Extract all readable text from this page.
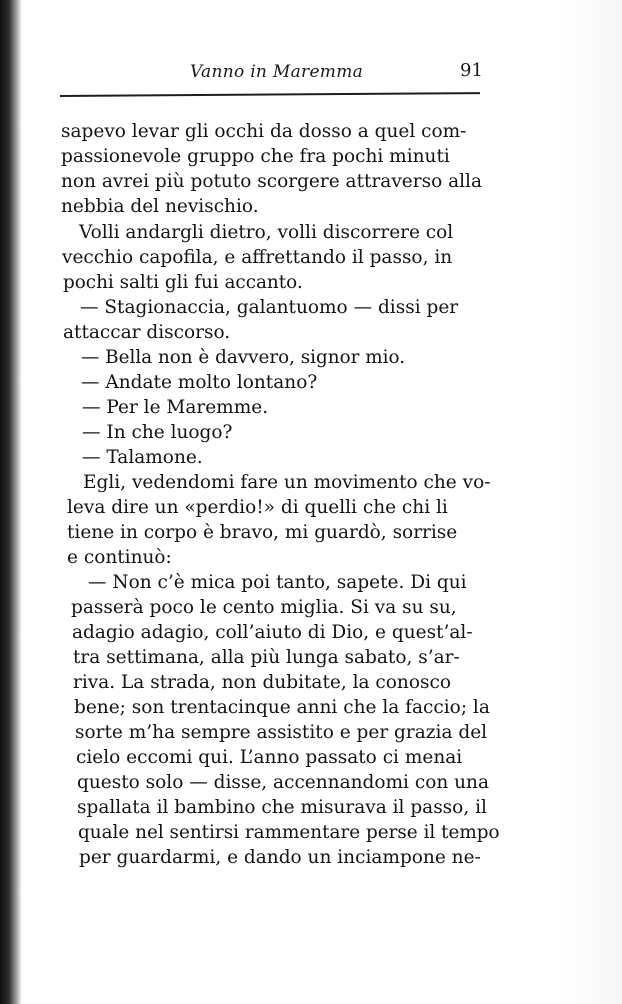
Vanno in Maremma	91
sapevo levar gli occhi da dosso a quel com-
passionevole gruppo che fra pochi minuti
non avrei più potuto scorgere attraverso alla
nebbia del nevischio.
Volli andargli dietro, volli discorrere col
vecchio capofila, e affrettando il passo, in
pochi salti gli fui accanto.
— Stagionaccia, galantuomo — dissi per
attaccar discorso.
— Bella non è davvero, signor mio.
— Andate molto lontano?
— Per le Maremme.
— In che luogo?
— Talamone.
Egli, vedendomi fare un movimento che vo-
leva dire un «perdio!» di quelli che chi li
tiene in corpo è bravo, mi guardò, sorrise
e continuò:
— Non c’è mica poi tanto, sapete. Di qui
passerà poco le cento miglia. Si va su su,
adagio adagio, coll’aiuto di Dio, e quest’al-
tra settimana, alla più lunga sabato, s’ar-
riva. La strada, non dubitate, la conosco
bene; son trentacinque anni che la faccio; la
sorte m’ha sempre assistito e per grazia del
cielo eccomi qui. L’anno passato ci menai
questo solo — disse, accennandomi con una
spallata il bambino che misurava il passo, il
quale nel sentirsi rammentare perse il tempo
per guardarmi, e dando un inciampone ne-
